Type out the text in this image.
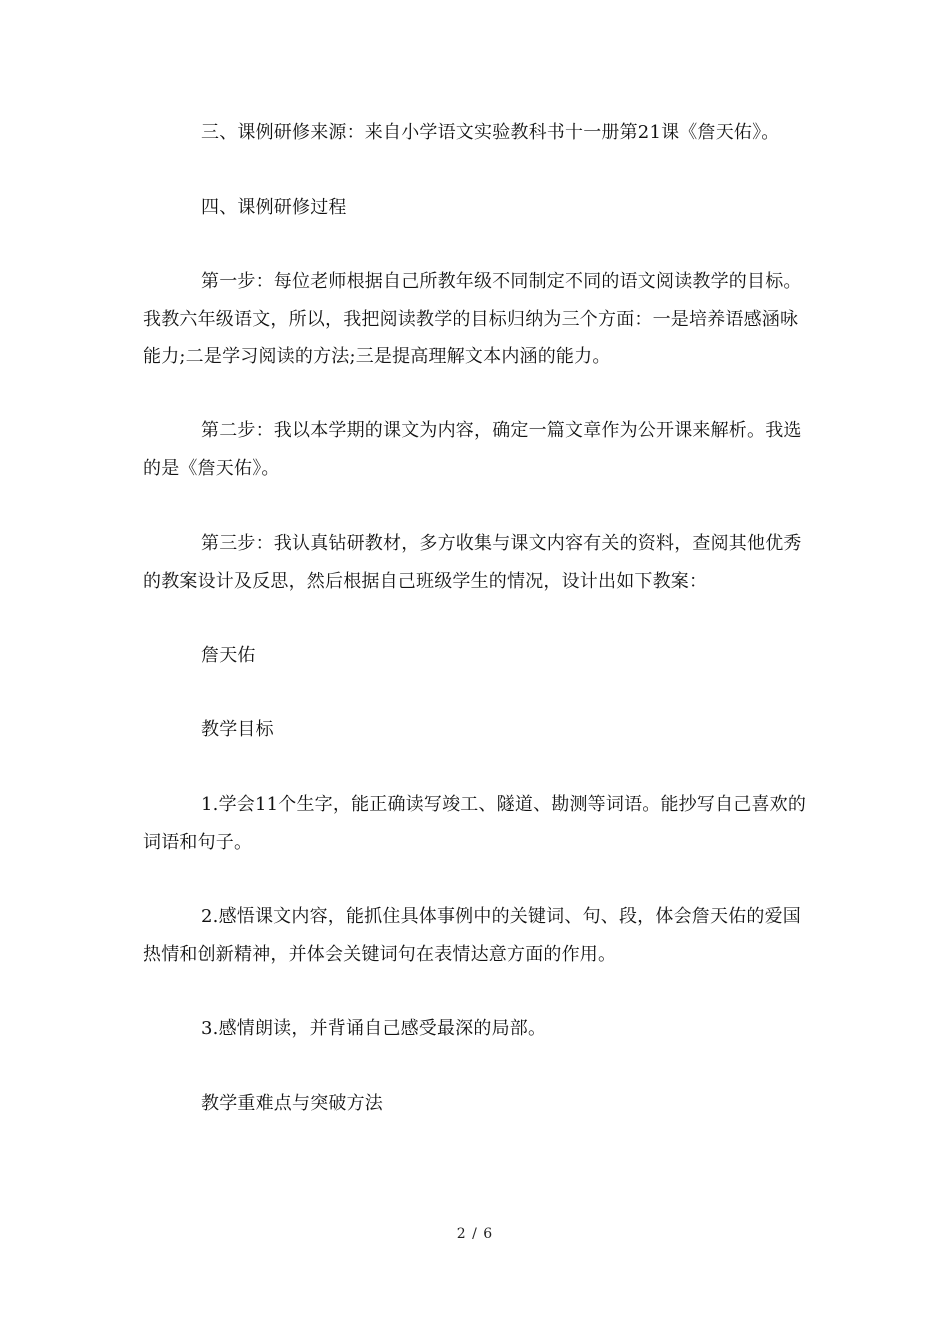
三、课例研修来源：来自小学语文实验教科书十一册第21课《詹天佑》。

四、课例研修过程

第一步：每位老师根据自己所教年级不同制定不同的语文阅读教学的目标。我教六年级语文，所以，我把阅读教学的目标归纳为三个方面：一是培养语感涵咏能力;二是学习阅读的方法;三是提高理解文本内涵的能力。

第二步：我以本学期的课文为内容，确定一篇文章作为公开课来解析。我选的是《詹天佑》。

第三步：我认真钻研教材，多方收集与课文内容有关的资料，查阅其他优秀的教案设计及反思，然后根据自己班级学生的情况，设计出如下教案：

詹天佑

教学目标

1.学会11个生字，能正确读写竣工、隧道、勘测等词语。能抄写自己喜欢的词语和句子。

2.感悟课文内容，能抓住具体事例中的关键词、句、段，体会詹天佑的爱国热情和创新精神，并体会关键词句在表情达意方面的作用。

3.感情朗读，并背诵自己感受最深的局部。

教学重难点与突破方法

2 / 6
